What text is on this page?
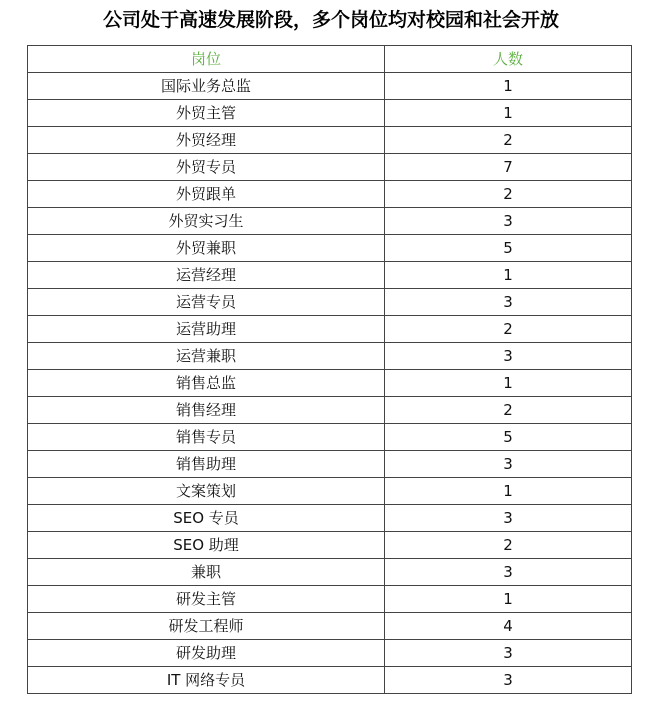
公司处于高速发展阶段，多个岗位均对校园和社会开放
岗位	人数
国际业务总监	1
外贸主管	1
外贸经理	2
外贸专员	7
外贸跟单	2
外贸实习生	3
外贸兼职	5
运营经理	1
运营专员	3
运营助理	2
运营兼职	3
销售总监	1
销售经理	2
销售专员	5
销售助理	3
文案策划	1
SEO 专员	3
SEO 助理	2
兼职	3
研发主管	1
研发工程师	4
研发助理	3
IT 网络专员	3
